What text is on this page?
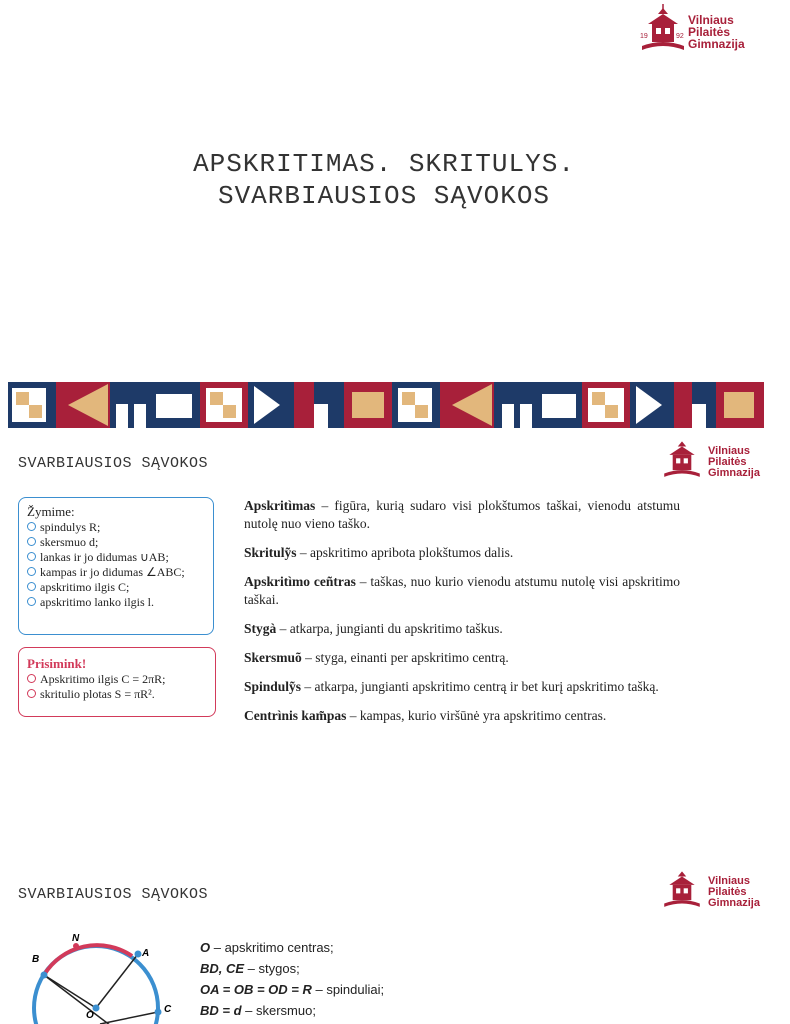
19	92
Vilniaus
Pilaitės
Gimnazija
APSKRITIMAS. SKRITULYS.
SVARBIAUSIOS SĄVOKOS
SVARBIAUSIOS SĄVOKOS
Vilniaus
Pilaitės
Gimnazija
Žymime:
spindulys R;
skersmuo d;
lankas ir jo didumas ∪AB;
kampas ir jo didumas ∠ABC;
apskritimo ilgis C;
apskritimo lanko ilgis l.
Prisimink!
Apskritimo ilgis C = 2πR;
skritulio plotas S = πR².

Apskritìmas – figūra, kurią sudaro visi plokštumos taškai, vienodu atstumu nutolę nuo vieno taško.

Skritulỹs – apskritimo apribota plokštumos dalis.

Apskritìmo ceñtras – taškas, nuo kurio vienodu atstumu nutolę visi apskritimo taškai.

Stygà – atkarpa, jungianti du apskritimo taškus.

Skersmuõ – styga, einanti per apskritimo centrą.

Spindulỹs – atkarpa, jungianti apskritimo centrą ir bet kurį apskritimo tašką.

Centrìnis kam̃pas – kampas, kurio viršūnė yra apskritimo centras.

SVARBIAUSIOS SĄVOKOS
Vilniaus
Pilaitės
Gimnazija
N
A
B
O
C
O – apskritimo centras;
BD, CE – stygos;
OA = OB = OD = R – spinduliai;
BD = d – skersmuo;
